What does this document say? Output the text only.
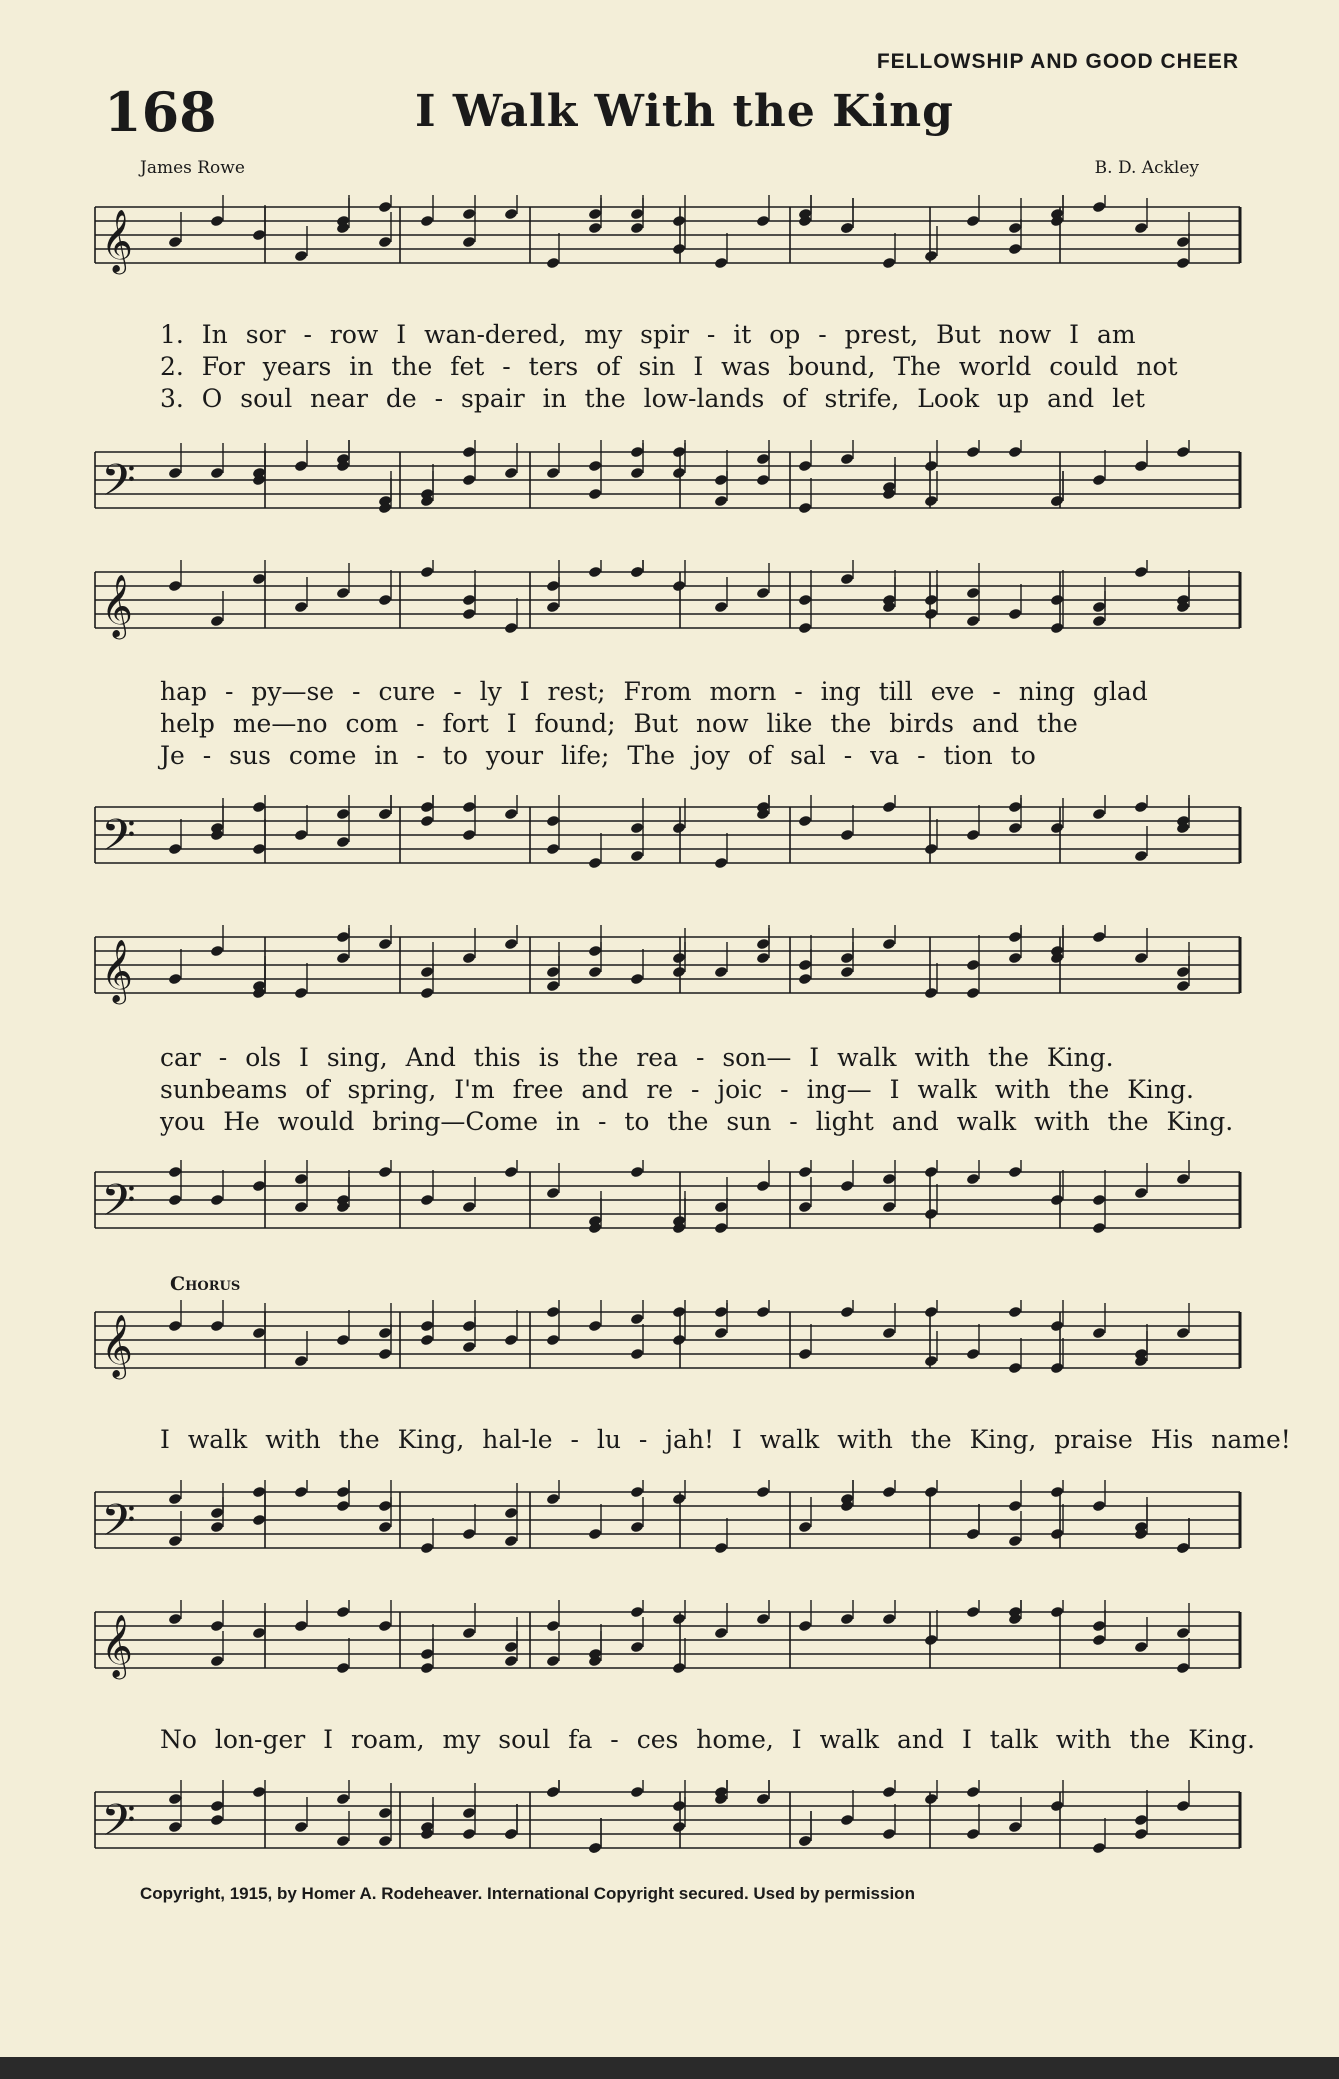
FELLOWSHIP AND GOOD CHEER
168	I Walk With the King
James Rowe	B. D. Ackley
𝄞
1. In sor - row I wan-dered, my spir - it op - prest, But now I am
2. For years in the fet - ters of sin I was bound, The world could not
3. O soul near de - spair in the low-lands of strife, Look up and let
𝄢
𝄞
hap - py—se - cure - ly I rest; From morn - ing till eve - ning glad
help me—no com - fort I found; But now like the birds and the
Je - sus come in - to your life; The joy of sal - va - tion to
𝄢
𝄞
car - ols I sing, And this is the rea - son— I walk with the King.
sunbeams of spring, I'm free and re - joic - ing— I walk with the King.
you He would bring—Come in - to the sun - light and walk with the King.
𝄢
Chorus
𝄞
I walk with the King, hal-le - lu - jah! I walk with the King, praise His name!
𝄢
𝄞
No lon-ger I roam, my soul fa - ces home, I walk and I talk with the King.
𝄢
Copyright, 1915, by Homer A. Rodeheaver. International Copyright secured. Used by permission
